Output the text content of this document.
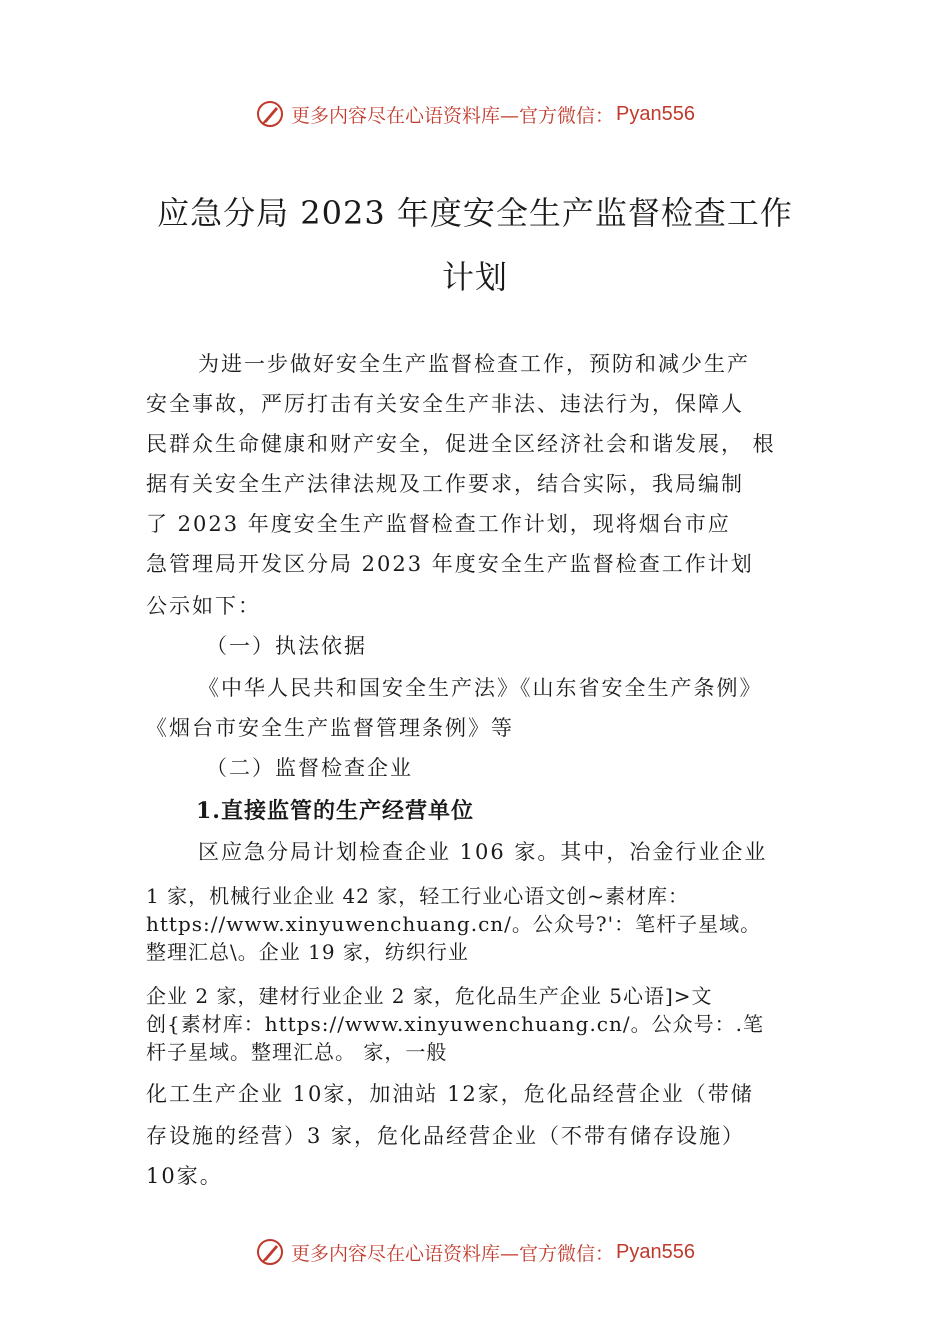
更多内容尽在心语资料库—官方微信： Pyan556
应急分局 2023 年度安全生产监督检查工作
计划
为进一步做好安全生产监督检查工作，预防和减少生产
安全事故，严厉打击有关安全生产非法、违法行为，保障人
民群众生命健康和财产安全，促进全区经济社会和谐发展， 根
据有关安全生产法律法规及工作要求，结合实际，我局编制
了 2023 年度安全生产监督检查工作计划，现将烟台市应
急管理局开发区分局 2023 年度安全生产监督检查工作计划
公示如下：
（一）执法依据
《中华人民共和国安全生产法》《山东省安全生产条例》
《烟台市安全生产监督管理条例》等
（二）监督检查企业
1.直接监管的生产经营单位
区应急分局计划检查企业 106 家。其中，冶金行业企业
1 家，机械行业企业 42 家，轻工行业心语文创~素材库：
https://www.xinyuwenchuang.cn/。公众号?'：笔杆子星域。
整理汇总\。企业 19 家，纺织行业
企业 2 家，建材行业企业 2 家，危化品生产企业 5心语]>文
创{素材库：https://www.xinyuwenchuang.cn/。公众号：.笔
杆子星域。整理汇总。 家，一般
化工生产企业 10家，加油站 12家，危化品经营企业（带储
存设施的经营）3 家，危化品经营企业（不带有储存设施）
10家。
更多内容尽在心语资料库—官方微信： Pyan556
